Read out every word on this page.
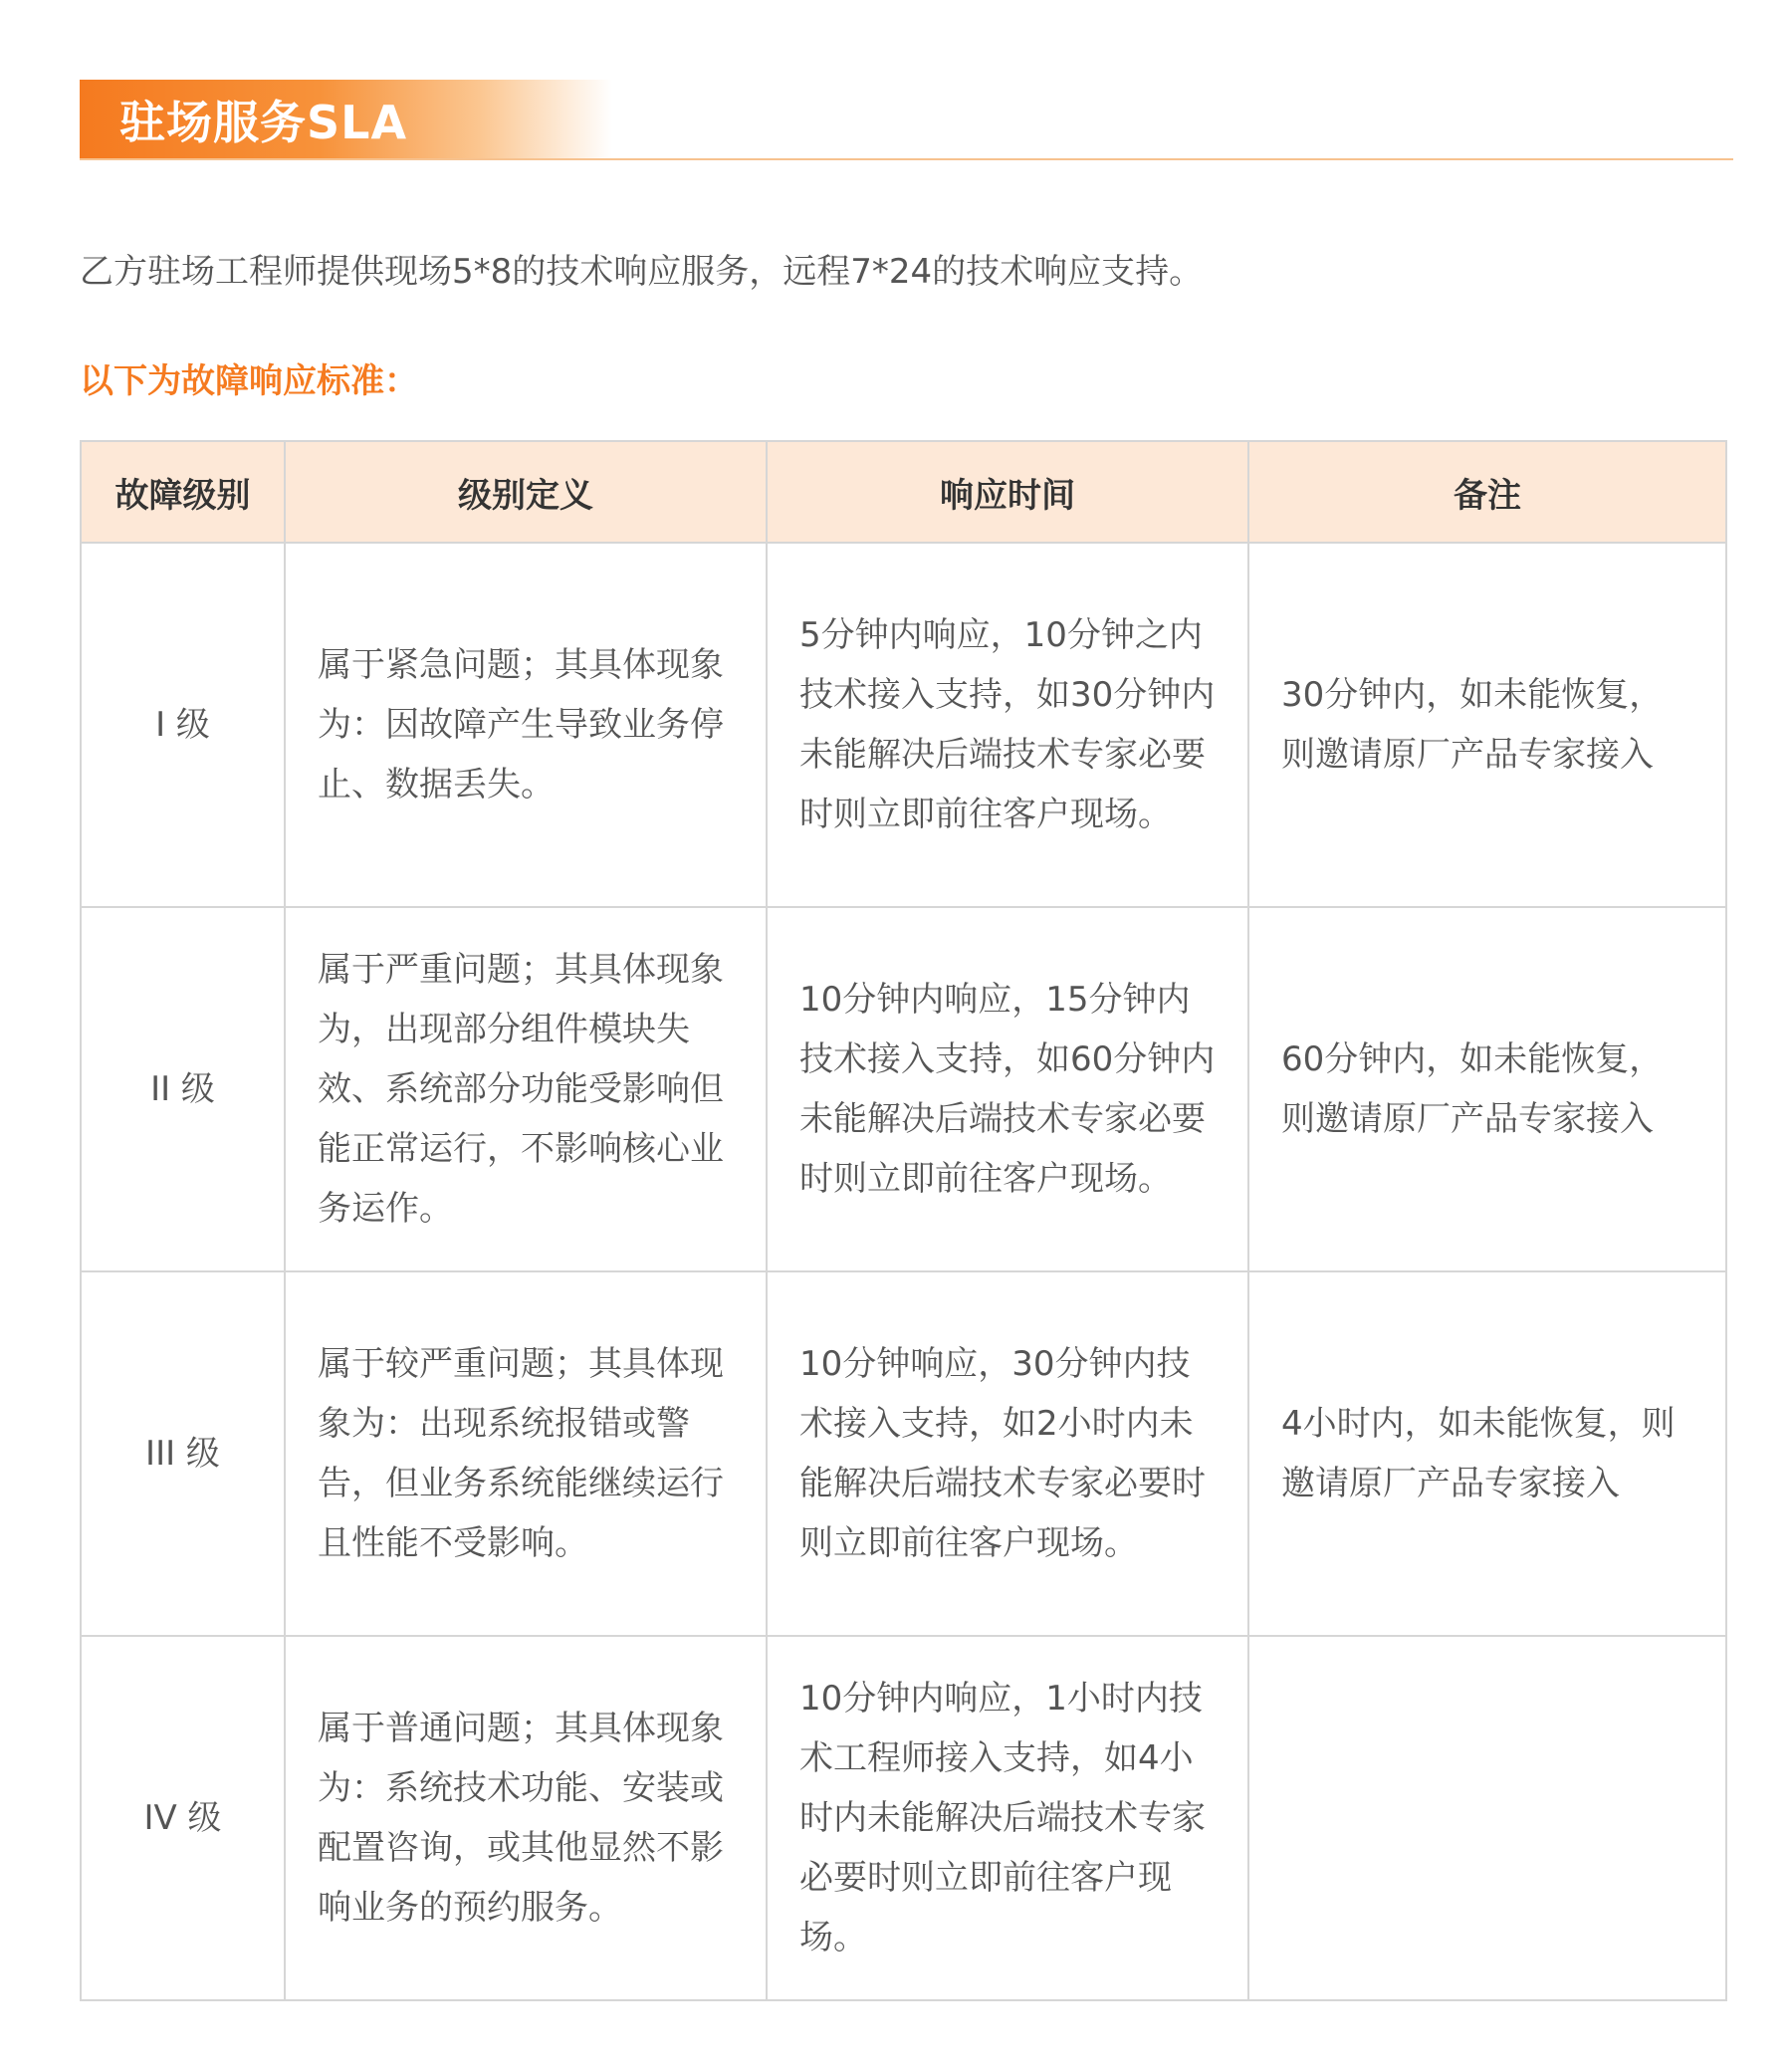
驻场服务SLA
乙方驻场工程师提供现场5*8的技术响应服务，远程7*24的技术响应支持。
以下为故障响应标准：
故障级别	级别定义	响应时间	备注
I 级	属于紧急问题；其具体现象为：因故障产生导致业务停止、数据丢失。	5分钟内响应，10分钟之内技术接入支持，如30分钟内未能解决后端技术专家必要时则立即前往客户现场。	30分钟内，如未能恢复，则邀请原厂产品专家接入
II 级	属于严重问题；其具体现象为，出现部分组件模块失效、系统部分功能受影响但能正常运行，不影响核心业务运作。	10分钟内响应，15分钟内技术接入支持，如60分钟内未能解决后端技术专家必要时则立即前往客户现场。	60分钟内，如未能恢复，则邀请原厂产品专家接入
III 级	属于较严重问题；其具体现象为：出现系统报错或警告，但业务系统能继续运行且性能不受影响。	10分钟响应，30分钟内技术接入支持，如2小时内未能解决后端技术专家必要时则立即前往客户现场。	4小时内，如未能恢复，则邀请原厂产品专家接入
IV 级	属于普通问题；其具体现象为：系统技术功能、安装或配置咨询，或其他显然不影响业务的预约服务。	10分钟内响应，1小时内技术工程师接入支持，如4小时内未能解决后端技术专家必要时则立即前往客户现场。	
